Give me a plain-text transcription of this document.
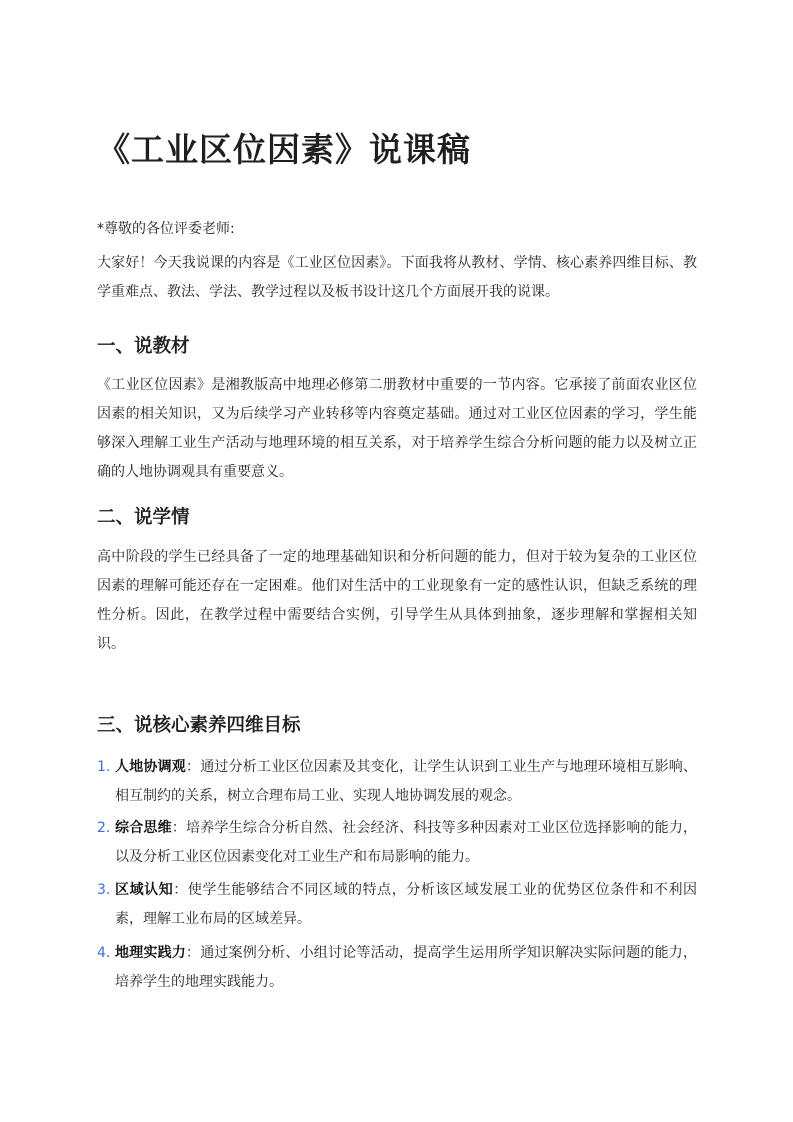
《工业区位因素》说课稿

*尊敬的各位评委老师:

大家好！今天我说课的内容是《工业区位因素》。下面我将从教材、学情、核心素养四维目标、教学重难点、教法、学法、教学过程以及板书设计这几个方面展开我的说课。

一、说教材

《工业区位因素》是湘教版高中地理必修第二册教材中重要的一节内容。它承接了前面农业区位因素的相关知识，又为后续学习产业转移等内容奠定基础。通过对工业区位因素的学习，学生能够深入理解工业生产活动与地理环境的相互关系，对于培养学生综合分析问题的能力以及树立正确的人地协调观具有重要意义。

二、说学情

高中阶段的学生已经具备了一定的地理基础知识和分析问题的能力，但对于较为复杂的工业区位因素的理解可能还存在一定困难。他们对生活中的工业现象有一定的感性认识，但缺乏系统的理性分析。因此，在教学过程中需要结合实例，引导学生从具体到抽象，逐步理解和掌握相关知识。

三、说核心素养四维目标
1. 人地协调观：通过分析工业区位因素及其变化，让学生认识到工业生产与地理环境相互影响、相互制约的关系，树立合理布局工业、实现人地协调发展的观念。
2. 综合思维：培养学生综合分析自然、社会经济、科技等多种因素对工业区位选择影响的能力，以及分析工业区位因素变化对工业生产和布局影响的能力。
3. 区域认知：使学生能够结合不同区域的特点，分析该区域发展工业的优势区位条件和不利因素，理解工业布局的区域差异。
4. 地理实践力：通过案例分析、小组讨论等活动，提高学生运用所学知识解决实际问题的能力，培养学生的地理实践能力。
